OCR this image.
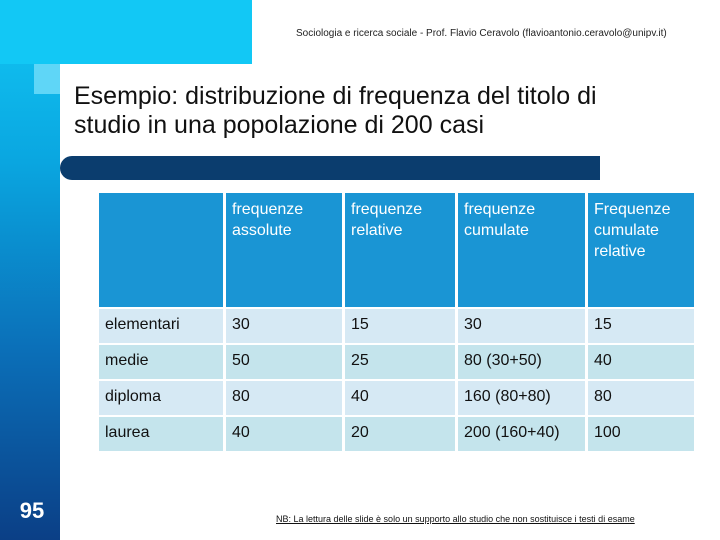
Sociologia e ricerca sociale - Prof. Flavio Ceravolo (flavioantonio.ceravolo@unipv.it)
Esempio: distribuzione di frequenza del titolo di
studio in una popolazione di 200 casi
	frequenze assolute	frequenze relative	frequenze cumulate	Frequenze cumulate relative
elementari	30	15	30	15
medie	50	25	80 (30+50)	40
diploma	80	40	160 (80+80)	80
laurea	40	20	200 (160+40)	100
95	NB: La lettura delle slide è solo un supporto allo studio che non sostituisce i testi di esame
